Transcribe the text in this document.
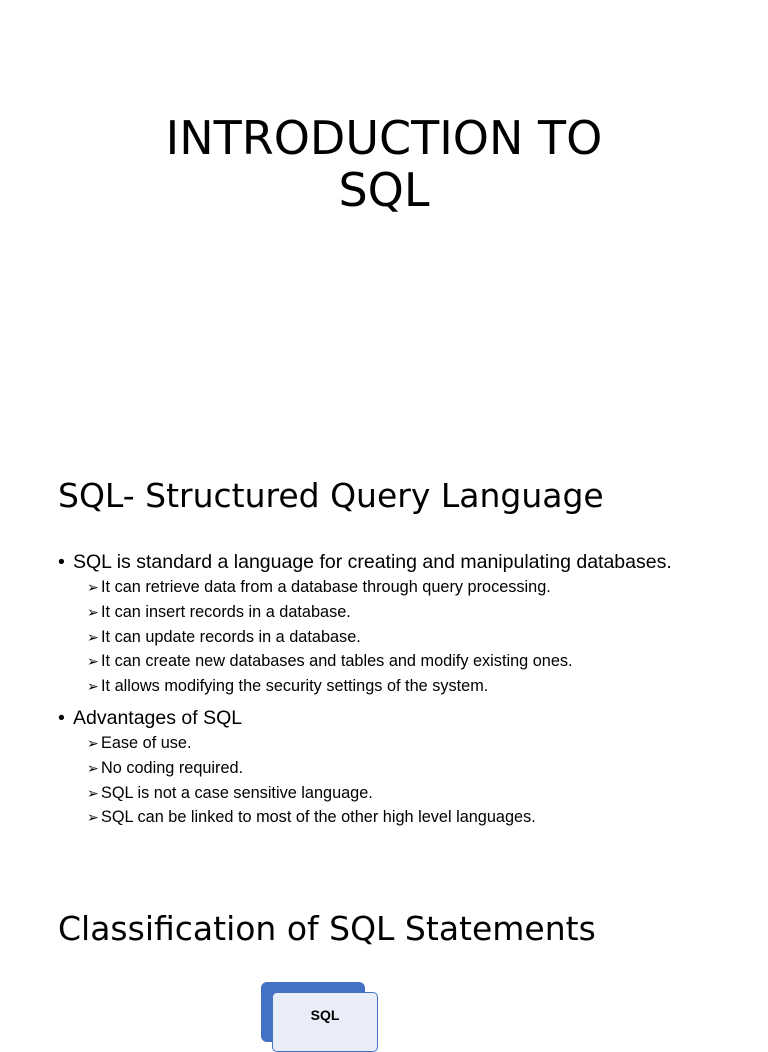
INTRODUCTION TO
SQL
SQL- Structured Query Language
• SQL is standard a language for creating and manipulating databases.
➢ It can retrieve data from a database through query processing.
➢ It can insert records in a database.
➢ It can update records in a database.
➢ It can create new databases and tables and modify existing ones.
➢ It allows modifying the security settings of the system.
• Advantages of SQL
➢ Ease of use.
➢ No coding required.
➢ SQL is not a case sensitive language.
➢ SQL can be linked to most of the other high level languages.
Classification of SQL Statements
SQL
